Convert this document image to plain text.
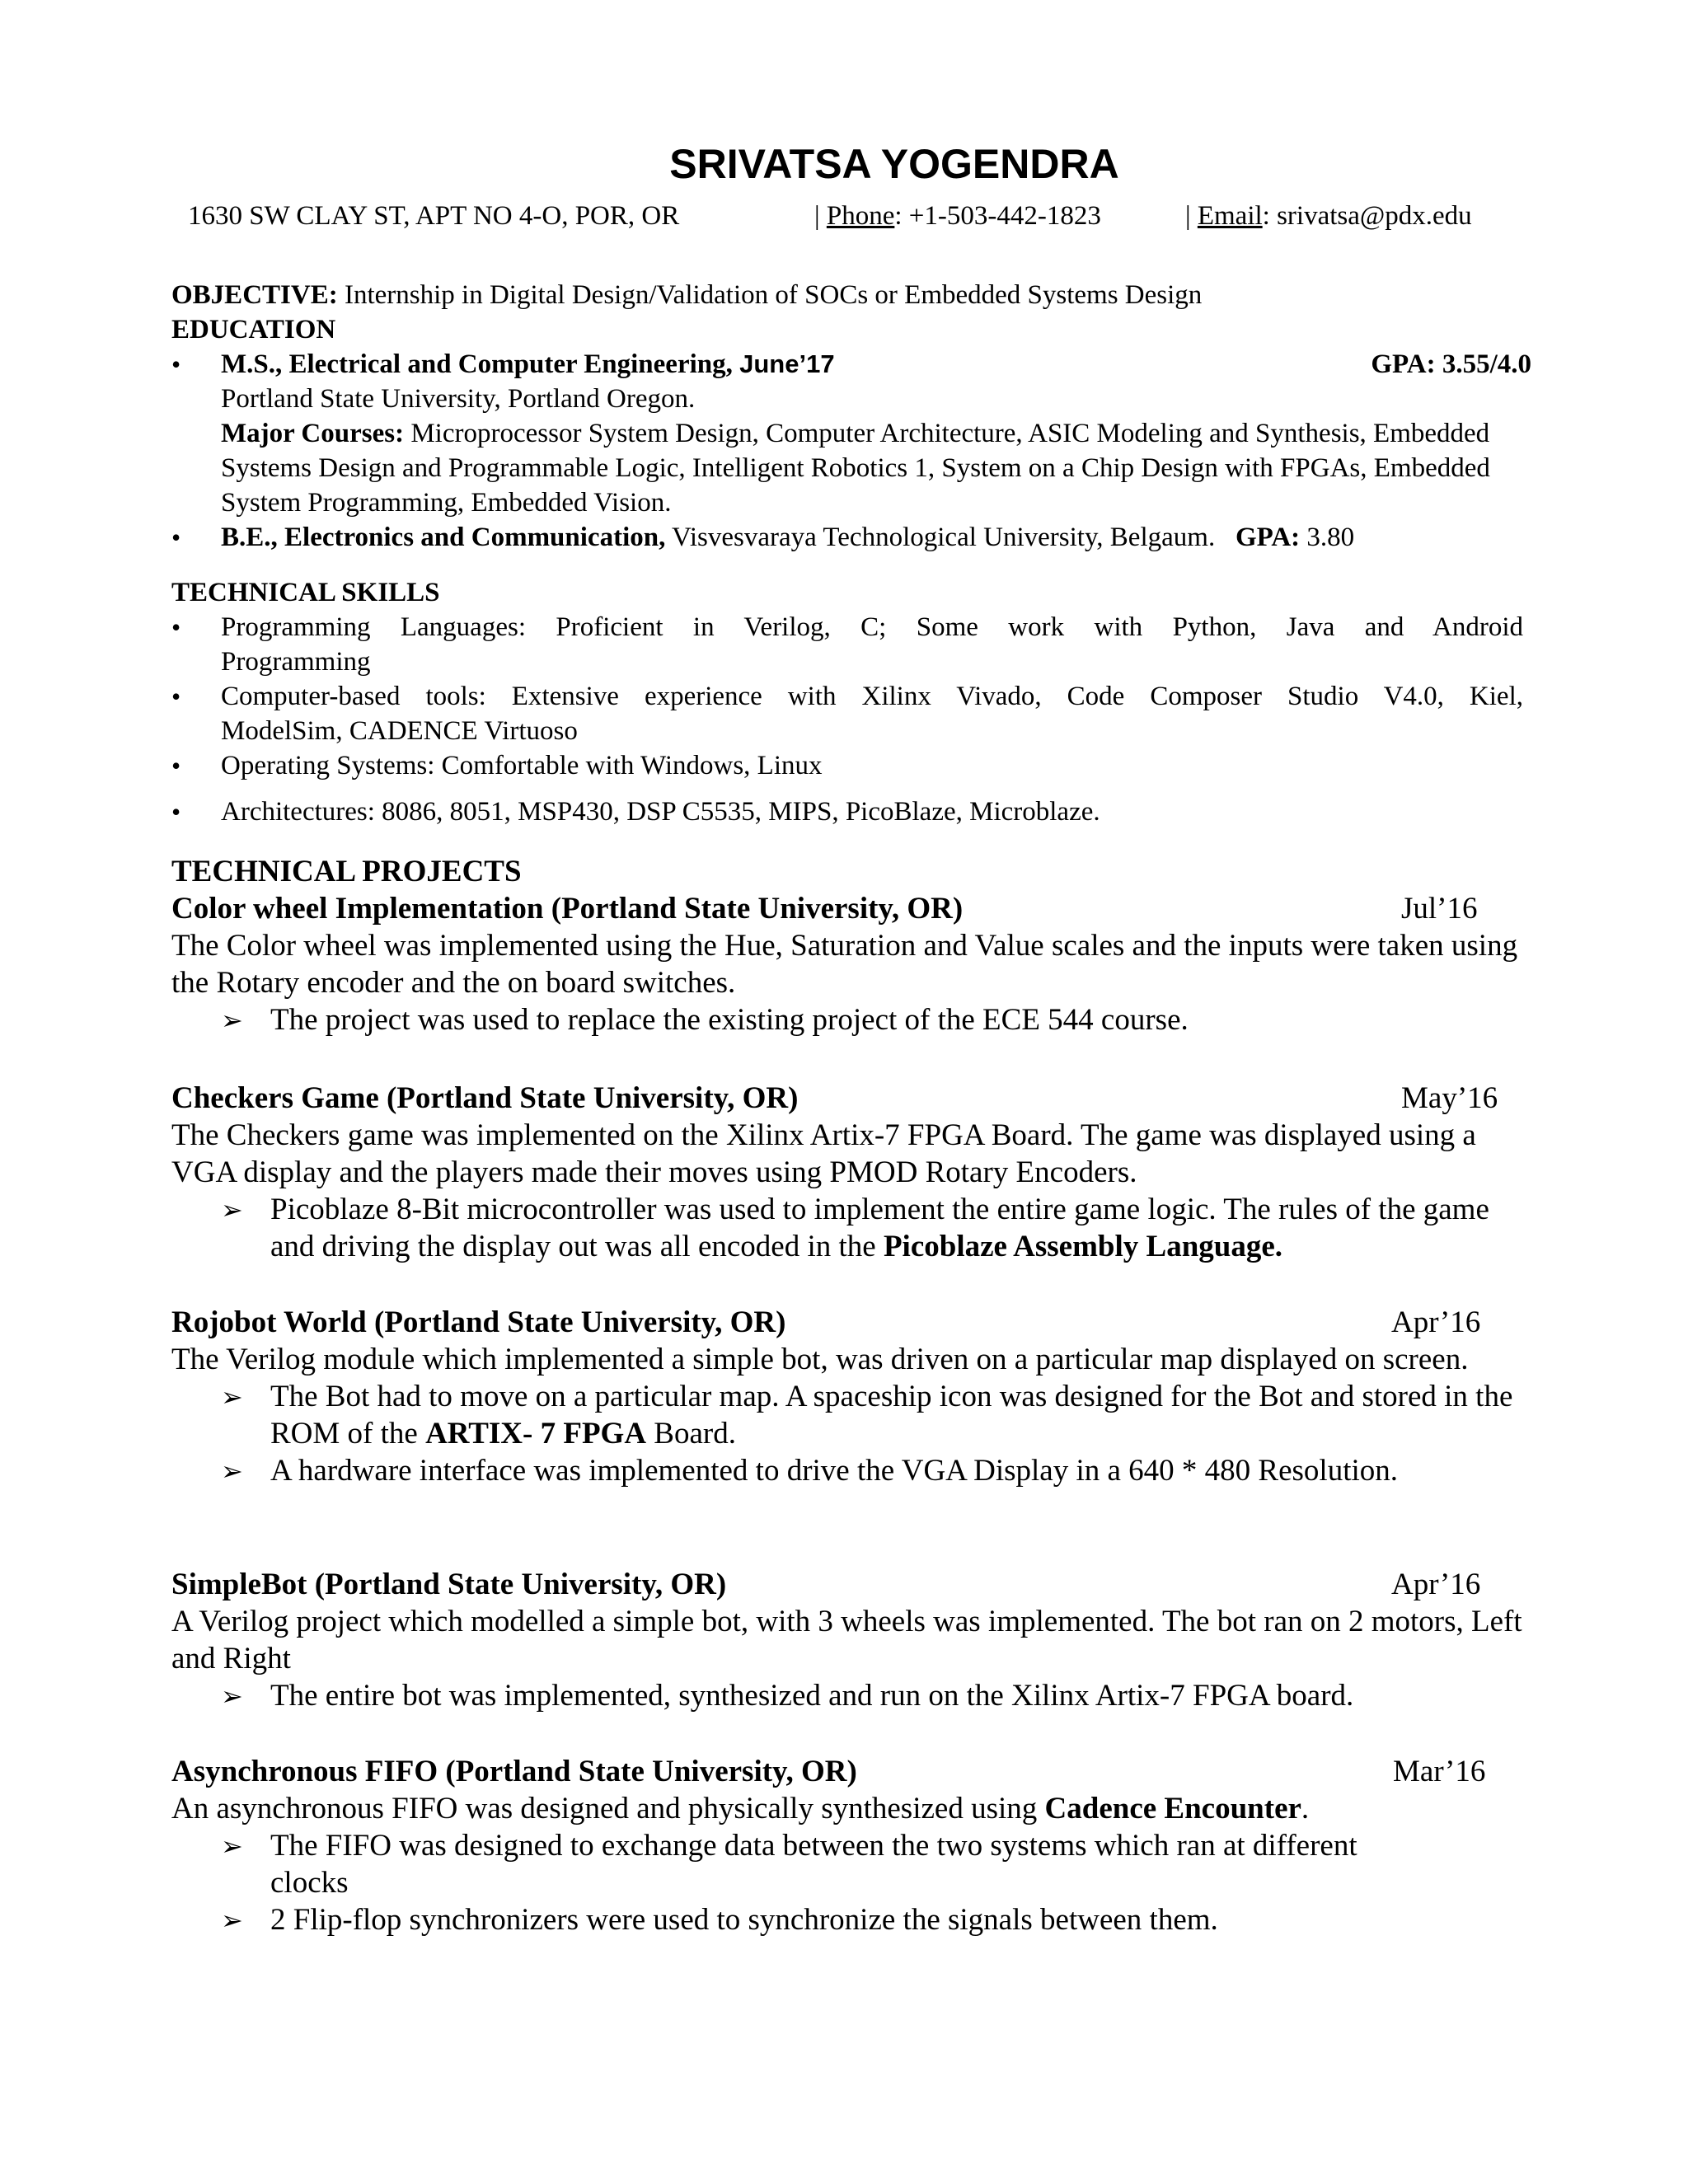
SRIVATSA YOGENDRA
1630 SW CLAY ST, APT NO 4-O, POR, OR	| Phone: +1-503-442-1823	| Email: srivatsa@pdx.edu
OBJECTIVE: Internship in Digital Design/Validation of SOCs or Embedded Systems Design
EDUCATION
•
M.S., Electrical and Computer Engineering, June’17	GPA: 3.55/4.0
Portland State University, Portland Oregon.
Major Courses: Microprocessor System Design, Computer Architecture, ASIC Modeling and Synthesis, Embedded Systems Design and Programmable Logic, Intelligent Robotics 1, System on a Chip Design with FPGAs, Embedded System Programming, Embedded Vision.
•
B.E., Electronics and Communication, Visvesvaraya Technological University, Belgaum. GPA: 3.80
TECHNICAL SKILLS
•
Programming Languages: Proficient in Verilog, C; Some work with Python, Java and Android
Programming
•
Computer-based tools: Extensive experience with Xilinx Vivado, Code Composer Studio V4.0, Kiel,
ModelSim, CADENCE Virtuoso
•
Operating Systems: Comfortable with Windows, Linux
•
Architectures: 8086, 8051, MSP430, DSP C5535, MIPS, PicoBlaze, Microblaze.
TECHNICAL PROJECTS
Color wheel Implementation (Portland State University, OR)	Jul’16
The Color wheel was implemented using the Hue, Saturation and Value scales and the inputs were taken using the Rotary encoder and the on board switches.
➢
The project was used to replace the existing project of the ECE 544 course.
Checkers Game (Portland State University, OR)	May’16
The Checkers game was implemented on the Xilinx Artix-7 FPGA Board. The game was displayed using a VGA display and the players made their moves using PMOD Rotary Encoders.
➢
Picoblaze 8-Bit microcontroller was used to implement the entire game logic. The rules of the game and driving the display out was all encoded in the Picoblaze Assembly Language.
Rojobot World (Portland State University, OR)	Apr’16
The Verilog module which implemented a simple bot, was driven on a particular map displayed on screen.
➢
The Bot had to move on a particular map. A spaceship icon was designed for the Bot and stored in the ROM of the ARTIX- 7 FPGA Board.
➢
A hardware interface was implemented to drive the VGA Display in a 640 * 480 Resolution.
SimpleBot (Portland State University, OR)	Apr’16
A Verilog project which modelled a simple bot, with 3 wheels was implemented. The bot ran on 2 motors, Left and Right
➢
The entire bot was implemented, synthesized and run on the Xilinx Artix-7 FPGA board.
Asynchronous FIFO (Portland State University, OR)	Mar’16
An asynchronous FIFO was designed and physically synthesized using Cadence Encounter.
➢
The FIFO was designed to exchange data between the two systems which ran at different clocks
➢
2 Flip-flop synchronizers were used to synchronize the signals between them.
